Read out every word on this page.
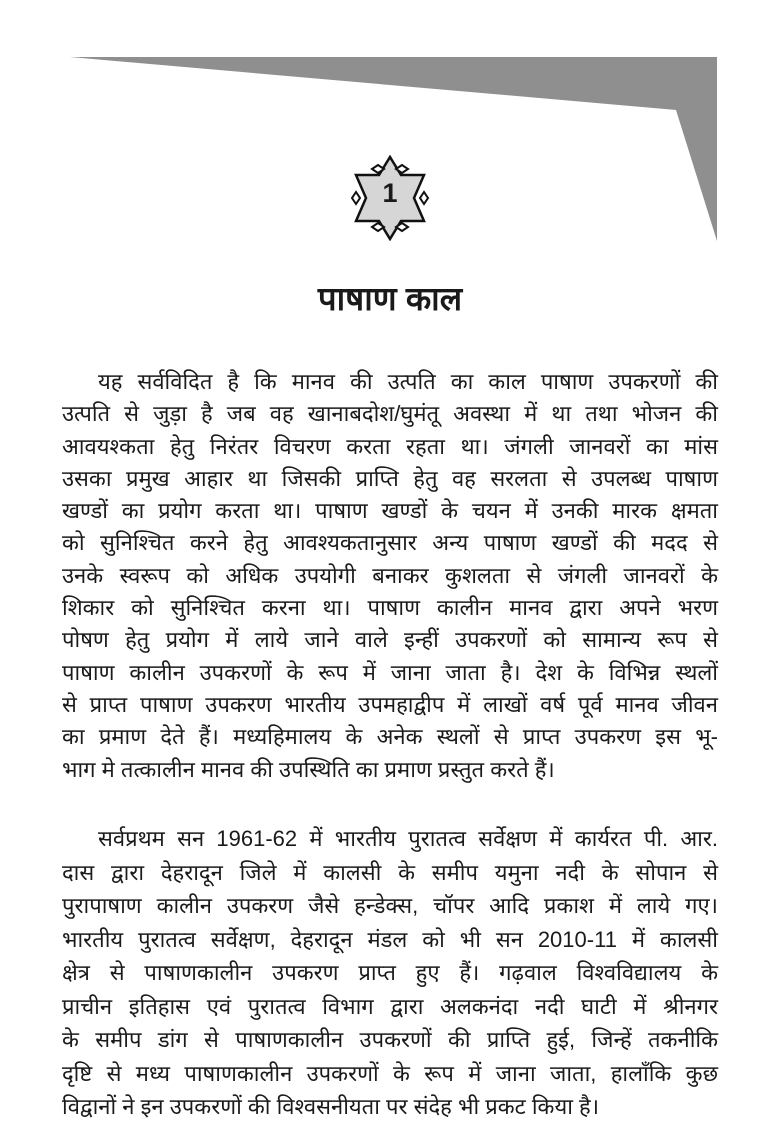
1
पाषाण काल
यह सर्वविदित है कि मानव की उत्पति का काल पाषाण उपकरणों की
उत्पति से जुड़ा है जब वह खानाबदोश/घुमंतू अवस्था में था तथा भोजन की
आवयश्कता हेतु निरंतर विचरण करता रहता था। जंगली जानवरों का मांस
उसका प्रमुख आहार था जिसकी प्राप्ति हेतु वह सरलता से उपलब्ध पाषाण
खण्डों का प्रयोग करता था। पाषाण खण्डों के चयन में उनकी मारक क्षमता
को सुनिश्चित करने हेतु आवश्यकतानुसार अन्य पाषाण खण्डों की मदद से
उनके स्वरूप को अधिक उपयोगी बनाकर कुशलता से जंगली जानवरों के
शिकार को सुनिश्चित करना था। पाषाण कालीन मानव द्वारा अपने भरण
पोषण हेतु प्रयोग में लाये जाने वाले इन्हीं उपकरणों को सामान्य रूप से
पाषाण कालीन उपकरणों के रूप में जाना जाता है। देश के विभिन्न स्थलों
से प्राप्त पाषाण उपकरण भारतीय उपमहाद्वीप में लाखों वर्ष पूर्व मानव जीवन
का प्रमाण देते हैं। मध्यहिमालय के अनेक स्थलों से प्राप्त उपकरण इस भू-
भाग मे तत्कालीन मानव की उपस्थिति का प्रमाण प्रस्तुत करते हैं।
सर्वप्रथम सन 1961-62 में भारतीय पुरातत्व सर्वेक्षण में कार्यरत पी. आर.
दास द्वारा देहरादून जिले में कालसी के समीप यमुना नदी के सोपान से
पुरापाषाण कालीन उपकरण जैसे हन्डेक्स, चॉपर आदि प्रकाश में लाये गए।
भारतीय पुरातत्व सर्वेक्षण, देहरादून मंडल को भी सन 2010-11 में कालसी
क्षेत्र से पाषाणकालीन उपकरण प्राप्त हुए हैं। गढ़वाल विश्वविद्यालय के
प्राचीन इतिहास एवं पुरातत्व विभाग द्वारा अलकनंदा नदी घाटी में श्रीनगर
के समीप डांग से पाषाणकालीन उपकरणों की प्राप्ति हुई, जिन्हें तकनीकि
दृष्टि से मध्य पाषाणकालीन उपकरणों के रूप में जाना जाता, हालाँकि कुछ
विद्वानों ने इन उपकरणों की विश्वसनीयता पर संदेह भी प्रकट किया है।
